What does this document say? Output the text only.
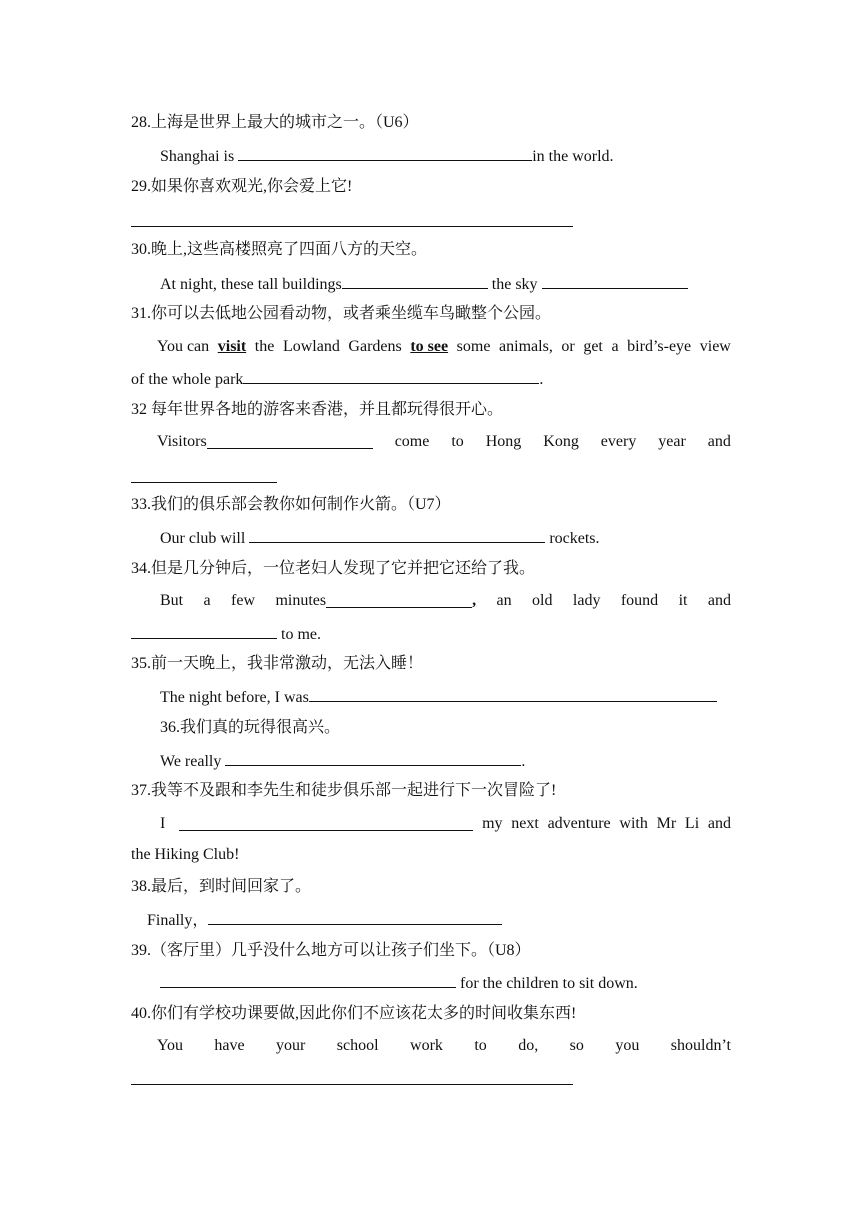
28.上海是世界上最大的城市之一。（U6）
Shanghai is	in the world.
29.如果你喜欢观光,你会爱上它!
30.晚上,这些高楼照亮了四面八方的天空。
At night, these tall buildings	the sky
31.你可以去低地公园看动物，或者乘坐缆车鸟瞰整个公园。
You can visit the Lowland Gardens to see some animals, or get a bird’s-eye view
of the whole park	.
32 每年世界各地的游客来香港，并且都玩得很开心。
Visitors	come to Hong Kong every year and
33.我们的俱乐部会教你如何制作火箭。（U7）
Our club will	rockets.
34.但是几分钟后，一位老妇人发现了它并把它还给了我。
But a few minutes	, an old lady found it and
to me.
35.前一天晚上，我非常激动，无法入睡！
The night before, I was
36.我们真的玩得很高兴。
We really	.
37.我等不及跟和李先生和徒步俱乐部一起进行下一次冒险了!
I	my next adventure with Mr Li and
the Hiking Club!
38.最后，到时间回家了。
Finally，
39.（客厅里）几乎没什么地方可以让孩子们坐下。（U8）
for the children to sit down.
40.你们有学校功课要做,因此你们不应该花太多的时间收集东西!
You have your school work to do, so you shouldn’t
